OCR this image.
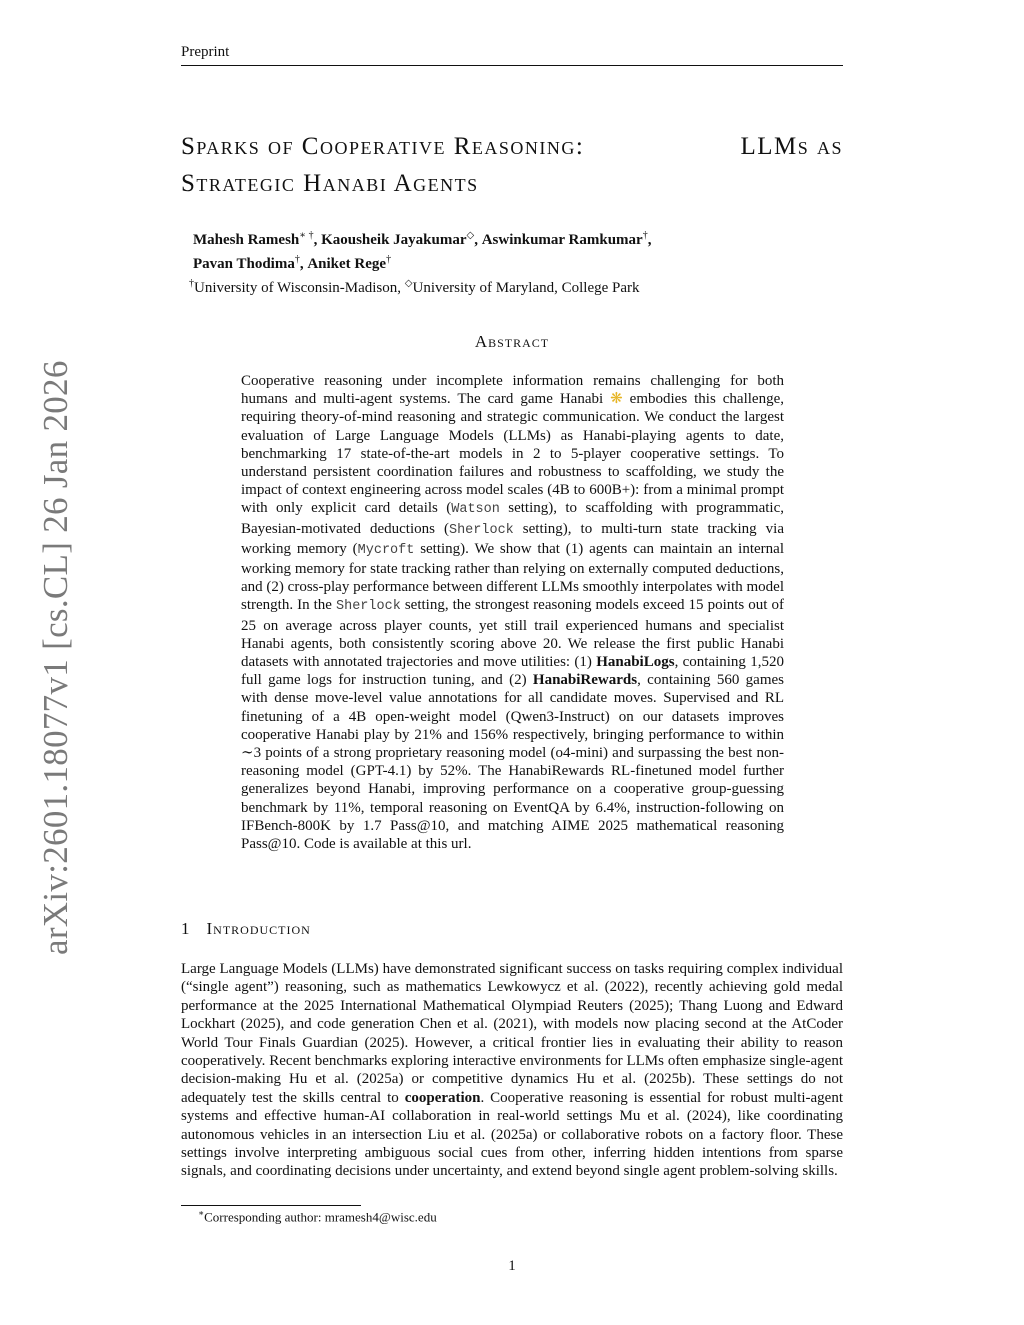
Preprint
arXiv:2601.18077v1 [cs.CL] 26 Jan 2026
Sparks of Cooperative Reasoning:	LLMs as
Strategic Hanabi Agents
Mahesh Ramesh∗ †, Kaousheik Jayakumar◇, Aswinkumar Ramkumar†,
Pavan Thodima†, Aniket Rege†
†University of Wisconsin-Madison, ◇University of Maryland, College Park
Abstract
Cooperative reasoning under incomplete information remains challenging for both humans and multi-agent systems. The card game Hanabi ❋ embodies this challenge, requiring theory-of-mind reasoning and strategic communication. We conduct the largest evaluation of Large Language Models (LLMs) as Hanabi-playing agents to date, benchmarking 17 state-of-the-art models in 2 to 5-player cooperative settings. To understand persistent coordination failures and robustness to scaffolding, we study the impact of context engineering across model scales (4B to 600B+): from a minimal prompt with only explicit card details (Watson setting), to scaffolding with programmatic, Bayesian-motivated deductions (Sherlock setting), to multi-turn state tracking via working memory (Mycroft setting). We show that (1) agents can maintain an internal working memory for state tracking rather than relying on externally computed deductions, and (2) cross-play performance between different LLMs smoothly interpolates with model strength. In the Sherlock setting, the strongest reasoning models exceed 15 points out of 25 on average across player counts, yet still trail experienced humans and specialist Hanabi agents, both consistently scoring above 20. We release the first public Hanabi datasets with annotated trajectories and move utilities: (1) HanabiLogs, containing 1,520 full game logs for instruction tuning, and (2) HanabiRewards, containing 560 games with dense move-level value annotations for all candidate moves. Supervised and RL finetuning of a 4B open-weight model (Qwen3-Instruct) on our datasets improves cooperative Hanabi play by 21% and 156% respectively, bringing performance to within ∼3 points of a strong proprietary reasoning model (o4-mini) and surpassing the best non-reasoning model (GPT-4.1) by 52%. The HanabiRewards RL-finetuned model further generalizes beyond Hanabi, improving performance on a cooperative group-guessing benchmark by 11%, temporal reasoning on EventQA by 6.4%, instruction-following on IFBench-800K by 1.7 Pass@10, and matching AIME 2025 mathematical reasoning Pass@10. Code is available at this url.
1 Introduction
Large Language Models (LLMs) have demonstrated significant success on tasks requiring complex individual (“single agent”) reasoning, such as mathematics Lewkowycz et al. (2022), recently achieving gold medal performance at the 2025 International Mathematical Olympiad Reuters (2025); Thang Luong and Edward Lockhart (2025), and code generation Chen et al. (2021), with models now placing second at the AtCoder World Tour Finals Guardian (2025). However, a critical frontier lies in evaluating their ability to reason cooperatively. Recent benchmarks exploring interactive environments for LLMs often emphasize single-agent decision-making Hu et al. (2025a) or competitive dynamics Hu et al. (2025b). These settings do not adequately test the skills central to cooperation. Cooperative reasoning is essential for robust multi-agent systems and effective human-AI collaboration in real-world settings Mu et al. (2024), like coordinating autonomous vehicles in an intersection Liu et al. (2025a) or collaborative robots on a factory floor. These settings involve interpreting ambiguous social cues from other, inferring hidden intentions from sparse signals, and coordinating decisions under uncertainty, and extend beyond single agent problem-solving skills.
∗Corresponding author: mramesh4@wisc.edu
1
